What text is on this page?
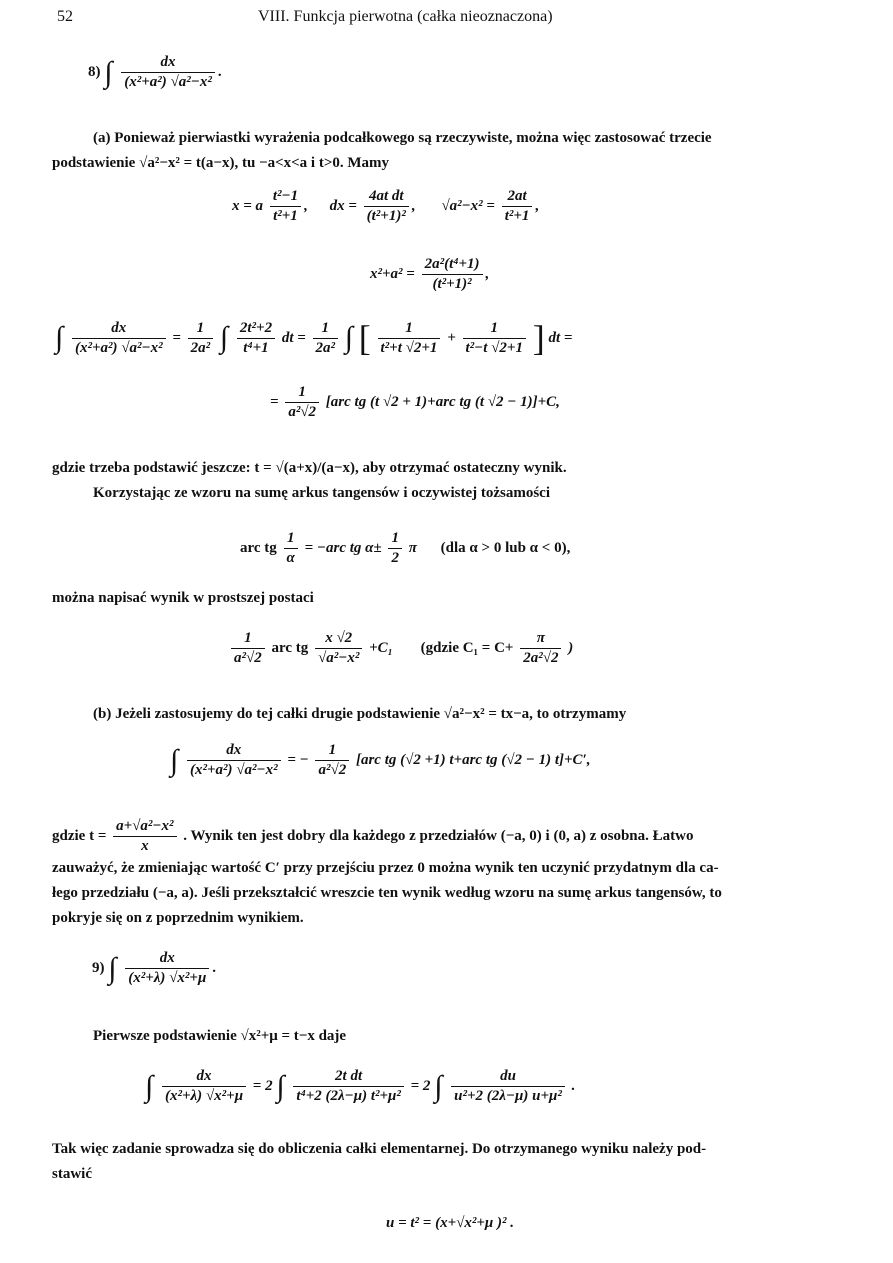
52	VIII. Funkcja pierwotna (całka nieoznaczona)
8) ∫ $\frac{dx}{\text{(x²+a²) √a²−x²}}$ .
(a) Ponieważ pierwiastki wyrażenia podcałkowego są rzeczywiste, można więc zastosować trzecie
podstawienie √a²−x² = t(a−x), tu −a<x<a i t>0. Mamy
x = a $\frac{\text{t²−1}}{\text{t²+1}}$ , dx = $\frac{\text{4at dt}}{\text{(t²+1)²}}$ , $√a^2-x^2 = \frac{2at}{\text{t²+1}}$ ,
$x^2+a^2 = \frac{\text{2a²(t⁴+1)}}{\text{(t²+1)²}}$ ,
∫ $\frac{dx}{\text{(x²+a²) √a²−x²}} = \frac{1}{\text{2a²}}$ ∫ $\frac{\text{2t²+2}}{\text{t⁴+1}}$ dt = $\frac{1}{\text{2a²}}$ ∫ [ $\frac{1}{\text{t²+t √2+1}} + \frac{1}{\text{t²−t √2+1}}$ ] dt =
= $\frac{1}{\text{a²√2}} [arc$ tg (t √2 + 1)+arc tg (t √2 − 1)]+C,
gdzie trzeba podstawić jeszcze: t = √(a+x)/(a−x), aby otrzymać ostateczny wynik.
Korzystając ze wzoru na sumę arkus tangensów i oczywistej tożsamości
arc tg $\frac{1}{\alpha} = -arc$ tg $\alpha\pm \frac{1}{2}$ π (dla α > 0 lub α < 0),
można napisać wynik w prostszej postaci
$\frac{1}{\text{a²√2}}$ arc tg $\frac{x √2}{\text{√a²−x²}} +C_1$ (gdzie $C_1 = C+ \frac{\pi}{\text{2a²√2}}$ )
(b) Jeżeli zastosujemy do tej całki drugie podstawienie √a²−x² = tx−a, to otrzymamy
∫ $\frac{dx}{\text{(x²+a²) √a²−x²}}$ = − $\frac{1}{\text{a²√2}} [arc$ tg (√2 +1) t+arc tg (√2 − 1) t]+C′,
gdzie $t = \frac{\text{a+√a²−x²}}{x}$ . Wynik ten jest dobry dla każdego z przedziałów (−a, 0) i (0, a) z osobna. Łatwo
zauważyć, że zmieniając wartość C′ przy przejściu przez 0 można wynik ten uczynić przydatnym dla ca-
łego przedziału (−a, a). Jeśli przekształcić wreszcie ten wynik według wzoru na sumę arkus tangensów, to
pokryje się on z poprzednim wynikiem.
9) ∫ $\frac{dx}{\text{(x²+λ) √x²+μ}}$ .
Pierwsze podstawienie √x²+μ = t−x daje
∫ $\frac{dx}{\text{(x²+λ) √x²+μ}} = 2$ ∫ $\frac{\text{2t dt}}{\text{t⁴+2 (2λ−μ) t²+μ²}} = 2$ ∫ $\frac{du}{\text{u²+2 (2λ−μ) u+μ²}}$ .
Tak więc zadanie sprowadza się do obliczenia całki elementarnej. Do otrzymanego wyniku należy pod-
stawić
u = t² = (x+√x²+μ )² .
